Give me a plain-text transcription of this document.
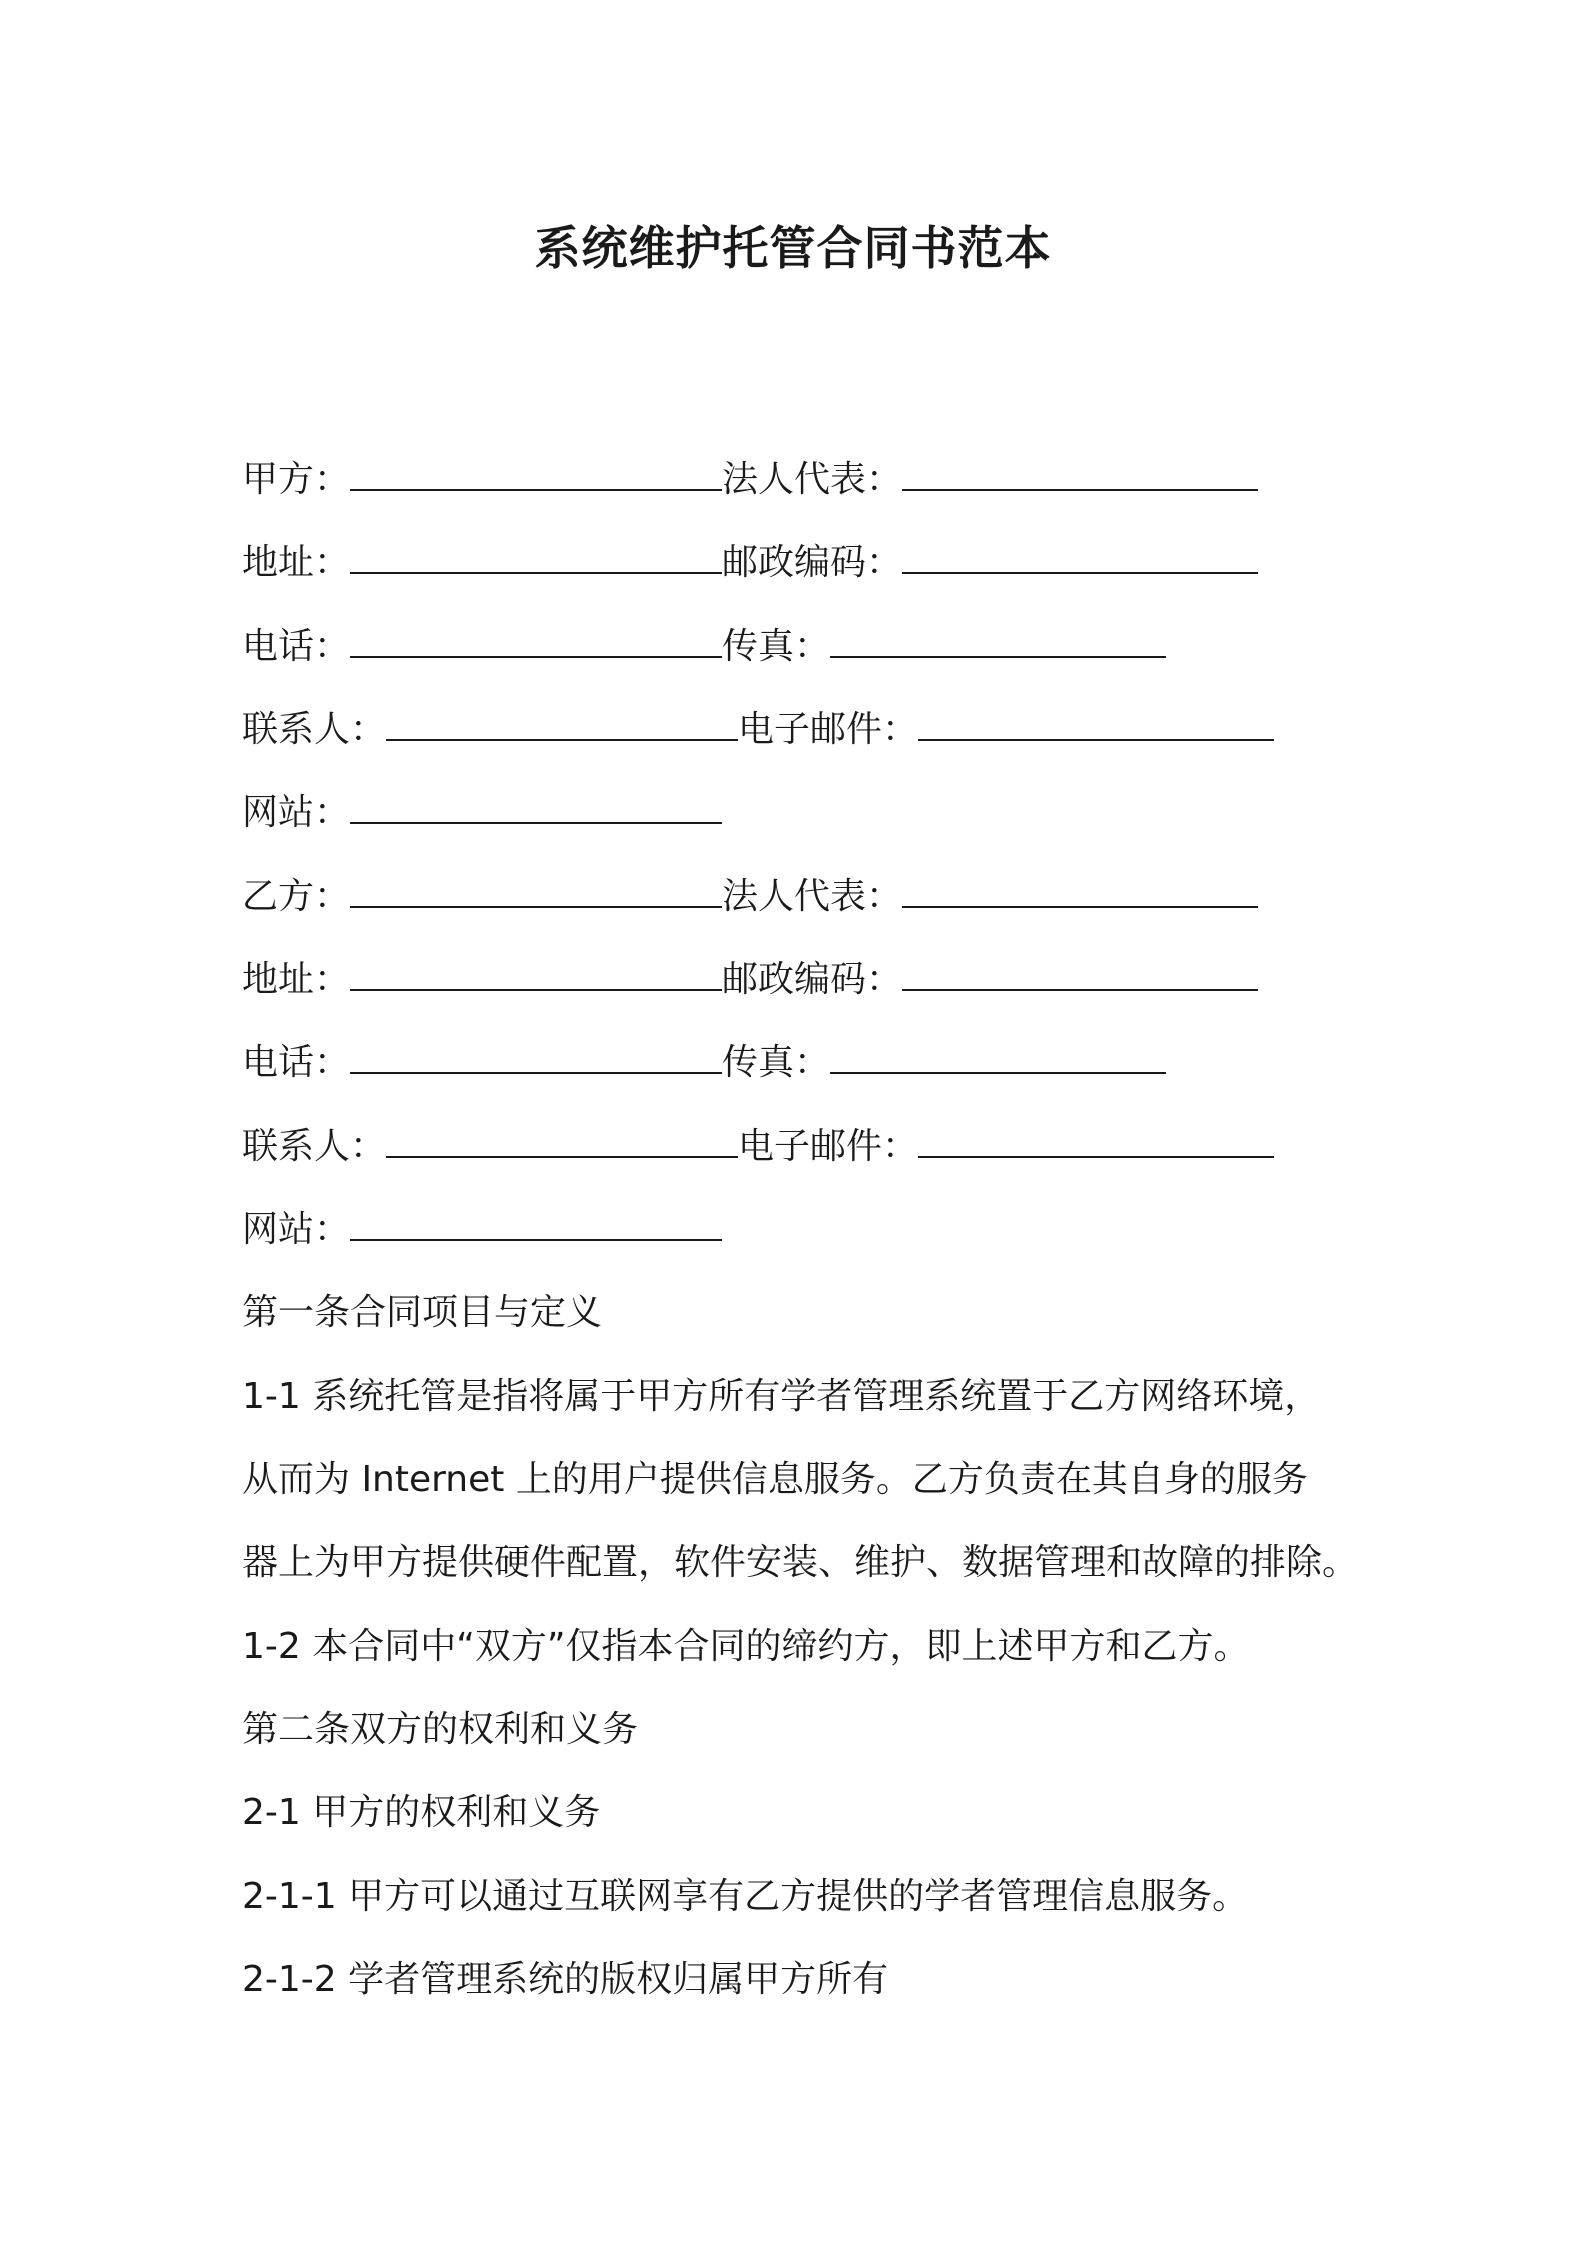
系统维护托管合同书范本
甲方：	法人代表：
地址：	邮政编码：
电话：	传真：
联系人：	电子邮件：
网站：
乙方：	法人代表：
地址：	邮政编码：
电话：	传真：
联系人：	电子邮件：
网站：
第一条合同项目与定义
1-1 系统托管是指将属于甲方所有学者管理系统置于乙方网络环境，
从而为 Internet 上的用户提供信息服务。乙方负责在其自身的服务
器上为甲方提供硬件配置，软件安装、维护、数据管理和故障的排除。
1-2 本合同中“双方”仅指本合同的缔约方，即上述甲方和乙方。
第二条双方的权利和义务
2-1 甲方的权利和义务
2-1-1 甲方可以通过互联网享有乙方提供的学者管理信息服务。
2-1-2 学者管理系统的版权归属甲方所有
